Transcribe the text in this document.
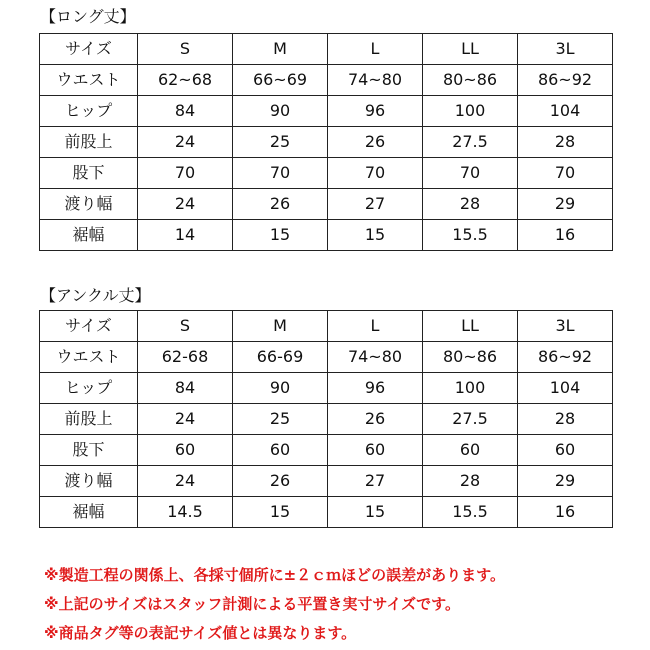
【ロング丈】
サイズ	S	M	L	LL	3L
ウエスト	62~68	66~69	74~80	80~86	86~92
ヒップ	84	90	96	100	104
前股上	24	25	26	27.5	28
股下	70	70	70	70	70
渡り幅	24	26	27	28	29
裾幅	14	15	15	15.5	16
【アンクル丈】
サイズ	S	M	L	LL	3L
ウエスト	62-68	66-69	74~80	80~86	86~92
ヒップ	84	90	96	100	104
前股上	24	25	26	27.5	28
股下	60	60	60	60	60
渡り幅	24	26	27	28	29
裾幅	14.5	15	15	15.5	16
※製造工程の関係上、各採寸個所に±２ｃｍほどの誤差があります。
※上記のサイズはスタッフ計測による平置き実寸サイズです。
※商品タグ等の表記サイズ値とは異なります。
